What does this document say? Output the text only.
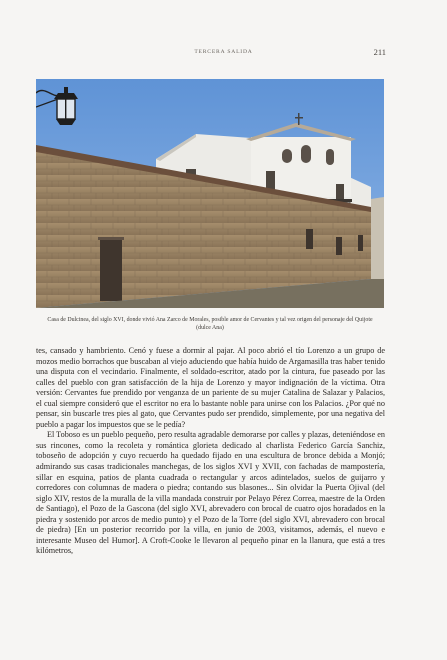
TERCERA SALIDA	211
Casa de Dulcinea, del siglo XVI, donde vivió Ana Zarco de Morales, posible amor de Cervantes y tal vez origen del personaje del Quijote (dulce Ana)

tes, cansado y hambriento. Cenó y fuese a dormir al pajar. Al poco abrió el tío Lorenzo a un grupo de mozos medio borrachos que buscaban al viejo aduciendo que había huido de Argamasilla tras haber tenido una disputa con el vecindario. Finalmente, el soldado-escritor, atado por la cintura, fue paseado por las calles del pueblo con gran satisfacción de la hija de Lorenzo y mayor indignación de la víctima. Otra versión: Cervantes fue prendido por venganza de un pariente de su mujer Catalina de Salazar y Palacios, el cual siempre consideró que el escritor no era lo bastante noble para unirse con los Palacios. ¿Por qué no pensar, sin buscarle tres pies al gato, que Cervantes pudo ser prendido, simplemente, por una negativa del pueblo a pagar los impuestos que se le pedía?

El Toboso es un pueblo pequeño, pero resulta agradable demorarse por calles y plazas, deteniéndose en sus rincones, como la recoleta y romántica glorieta dedicado al charlista Federico García Sanchiz, toboseño de adopción y cuyo recuerdo ha quedado fijado en una escultura de bronce debida a Monjó; admirando sus casas tradicionales manchegas, de los siglos XVI y XVII, con fachadas de mampostería, sillar en esquina, patios de planta cuadrada o rectangular y arcos adintelados, suelos de guijarro y corredores con columnas de madera o piedra; contando sus blasones... Sin olvidar la Puerta Ojival (del siglo XIV, restos de la muralla de la villa mandada construir por Pelayo Pérez Correa, maestre de la Orden de Santiago), el Pozo de la Gascona (del siglo XVI, abrevadero con brocal de cuatro ojos horadados en la piedra y sostenido por arcos de medio punto) y el Pozo de la Torre (del siglo XVI, abrevadero con brocal de piedra) [En un posterior recorrido por la villa, en junio de 2003, visitamos, además, el nuevo e interesante Museo del Humor]. A Croft-Cooke le llevaron al pequeño pinar en la llanura, que está a tres kilómetros,
